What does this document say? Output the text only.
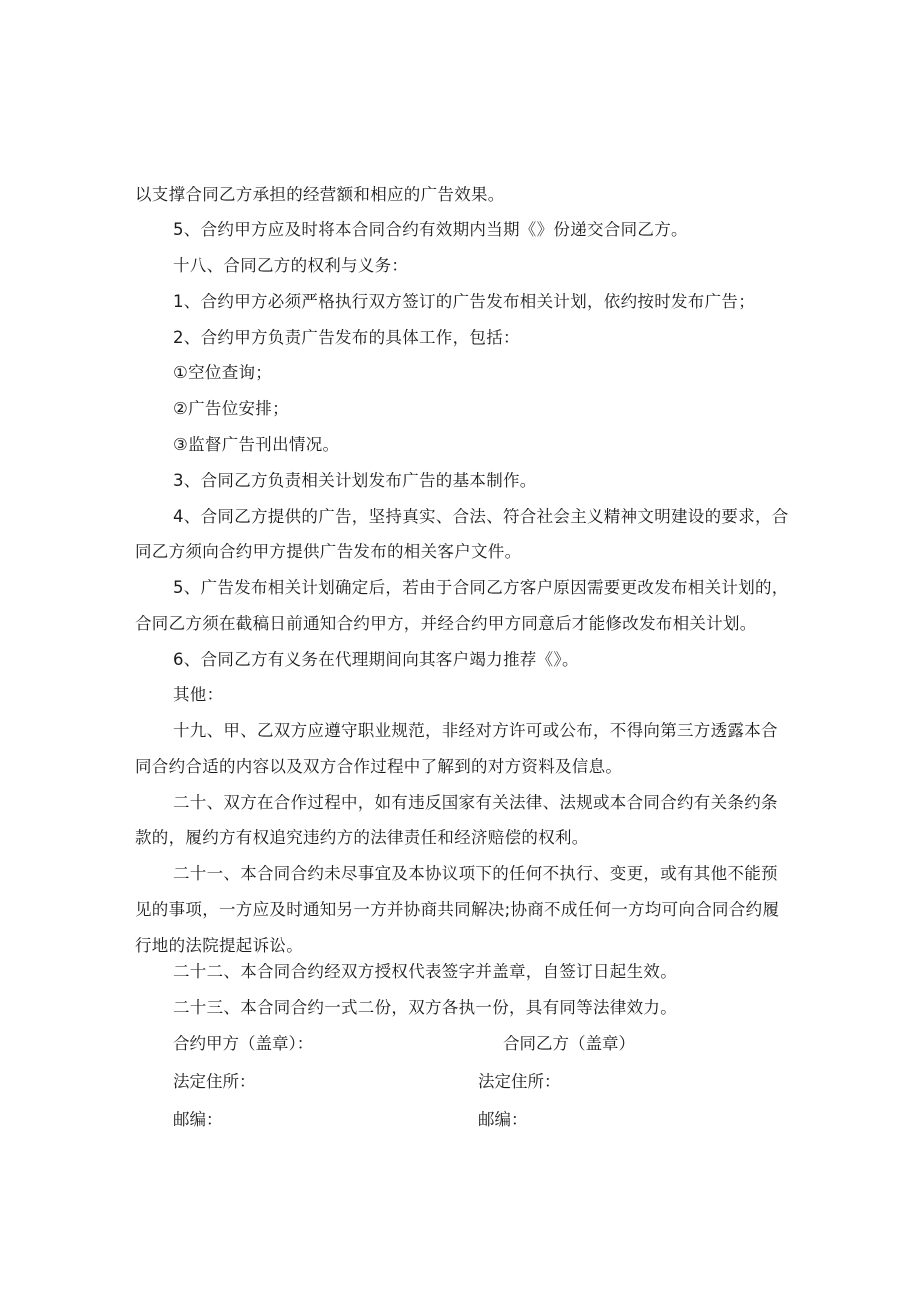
以支撑合同乙方承担的经营额和相应的广告效果。
5、合约甲方应及时将本合同合约有效期内当期《》份递交合同乙方。
十八、合同乙方的权利与义务：
1、合约甲方必须严格执行双方签订的广告发布相关计划，依约按时发布广告；
2、合约甲方负责广告发布的具体工作，包括：
①空位查询；
②广告位安排；
③监督广告刊出情况。
3、合同乙方负责相关计划发布广告的基本制作。
4、合同乙方提供的广告，坚持真实、合法、符合社会主义精神文明建设的要求，合
同乙方须向合约甲方提供广告发布的相关客户文件。
5、广告发布相关计划确定后，若由于合同乙方客户原因需要更改发布相关计划的，
合同乙方须在截稿日前通知合约甲方，并经合约甲方同意后才能修改发布相关计划。
6、合同乙方有义务在代理期间向其客户竭力推荐《》。
其他：
十九、甲、乙双方应遵守职业规范，非经对方许可或公布，不得向第三方透露本合
同合约合适的内容以及双方合作过程中了解到的对方资料及信息。
二十、双方在合作过程中，如有违反国家有关法律、法规或本合同合约有关条约条
款的，履约方有权追究违约方的法律责任和经济赔偿的权利。
二十一、本合同合约未尽事宜及本协议项下的任何不执行、变更，或有其他不能预
见的事项，一方应及时通知另一方并协商共同解决;协商不成任何一方均可向合同合约履
行地的法院提起诉讼。
二十二、本合同合约经双方授权代表签字并盖章，自签订日起生效。
二十三、本合同合约一式二份，双方各执一份，具有同等法律效力。
合约甲方（盖章）：	合同乙方（盖章）
法定住所：	法定住所：
邮编：	邮编：
